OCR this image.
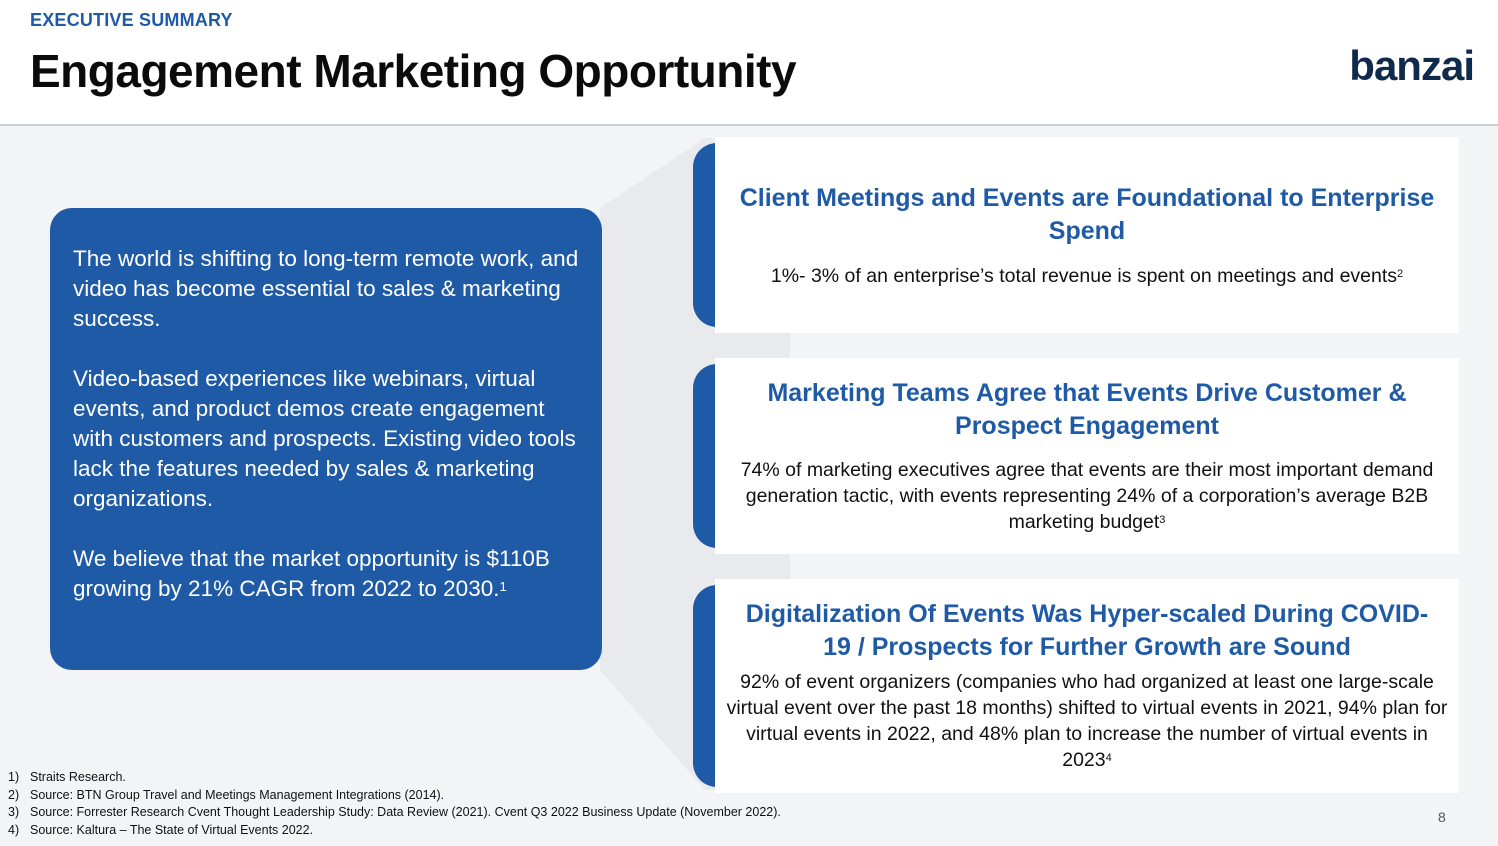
EXECUTIVE SUMMARY
Engagement Marketing Opportunity	banzai

The world is shifting to long-term remote work, and video has become essential to sales & marketing success.

Video-based experiences like webinars, virtual events, and product demos create engagement with customers and prospects. Existing video tools lack the features needed by sales & marketing organizations.

We believe that the market opportunity is $110B growing by 21% CAGR from 2022 to 2030.$^1$

Client Meetings and Events are Foundational to Enterprise Spend
1%- 3% of an enterprise’s total revenue is spent on meetings and events$^2$
Marketing Teams Agree that Events Drive Customer & Prospect Engagement
74% of marketing executives agree that events are their most important demand generation tactic, with events representing 24% of a corporation’s average B2B marketing budget$^3$
Digitalization Of Events Was Hyper-scaled During COVID-19 / Prospects for Further Growth are Sound
92% of event organizers (companies who had organized at least one large-scale virtual event over the past 18 months) shifted to virtual events in 2021, 94% plan for virtual events in 2022, and 48% plan to increase the number of virtual events in 2023$^4$
1) Straits Research.
2) Source: BTN Group Travel and Meetings Management Integrations (2014).
3) Source: Forrester Research Cvent Thought Leadership Study: Data Review (2021). Cvent Q3 2022 Business Update (November 2022).
4) Source: Kaltura – The State of Virtual Events 2022.
8
